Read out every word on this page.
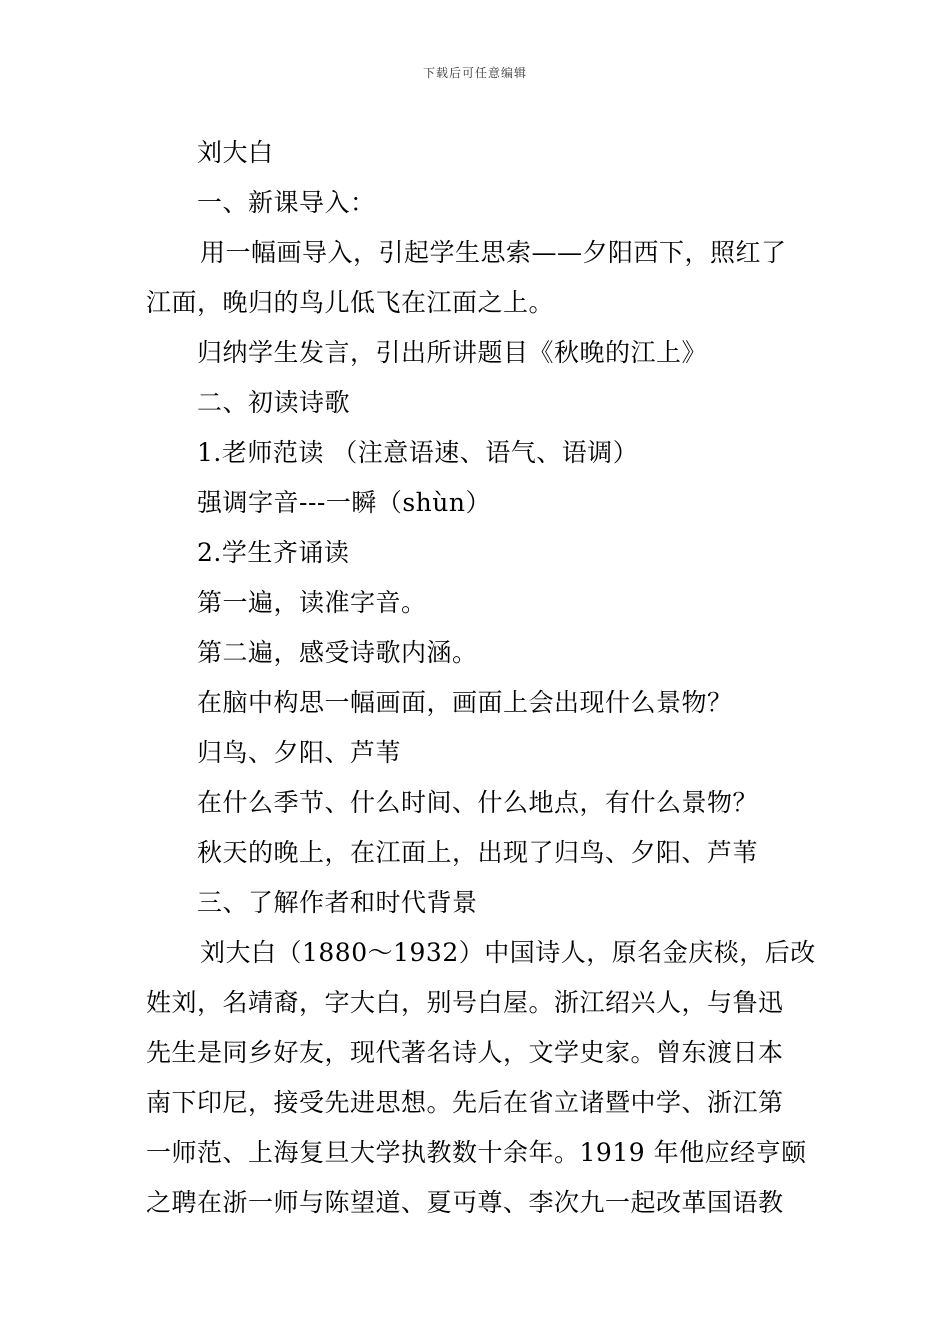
下载后可任意编辑
刘大白
一、新课导入：
用一幅画导入，引起学生思索——夕阳西下，照红了
江面，晚归的鸟儿低飞在江面之上。
归纳学生发言，引出所讲题目《秋晚的江上》
二、初读诗歌
1.老师范读 （注意语速、语气、语调）
强调字音---一瞬（shùn）
2.学生齐诵读
第一遍，读准字音。
第二遍，感受诗歌内涵。
在脑中构思一幅画面，画面上会出现什么景物？
归鸟、夕阳、芦苇
在什么季节、什么时间、什么地点，有什么景物？
秋天的晚上，在江面上，出现了归鸟、夕阳、芦苇
三、了解作者和时代背景
刘大白（1880～1932）中国诗人，原名金庆棪，后改
姓刘，名靖裔，字大白，别号白屋。浙江绍兴人，与鲁迅
先生是同乡好友，现代著名诗人，文学史家。曾东渡日本
南下印尼，接受先进思想。先后在省立诸暨中学、浙江第
一师范、上海复旦大学执教数十余年。1919 年他应经亨颐
之聘在浙一师与陈望道、夏丏尊、李次九一起改革国语教
